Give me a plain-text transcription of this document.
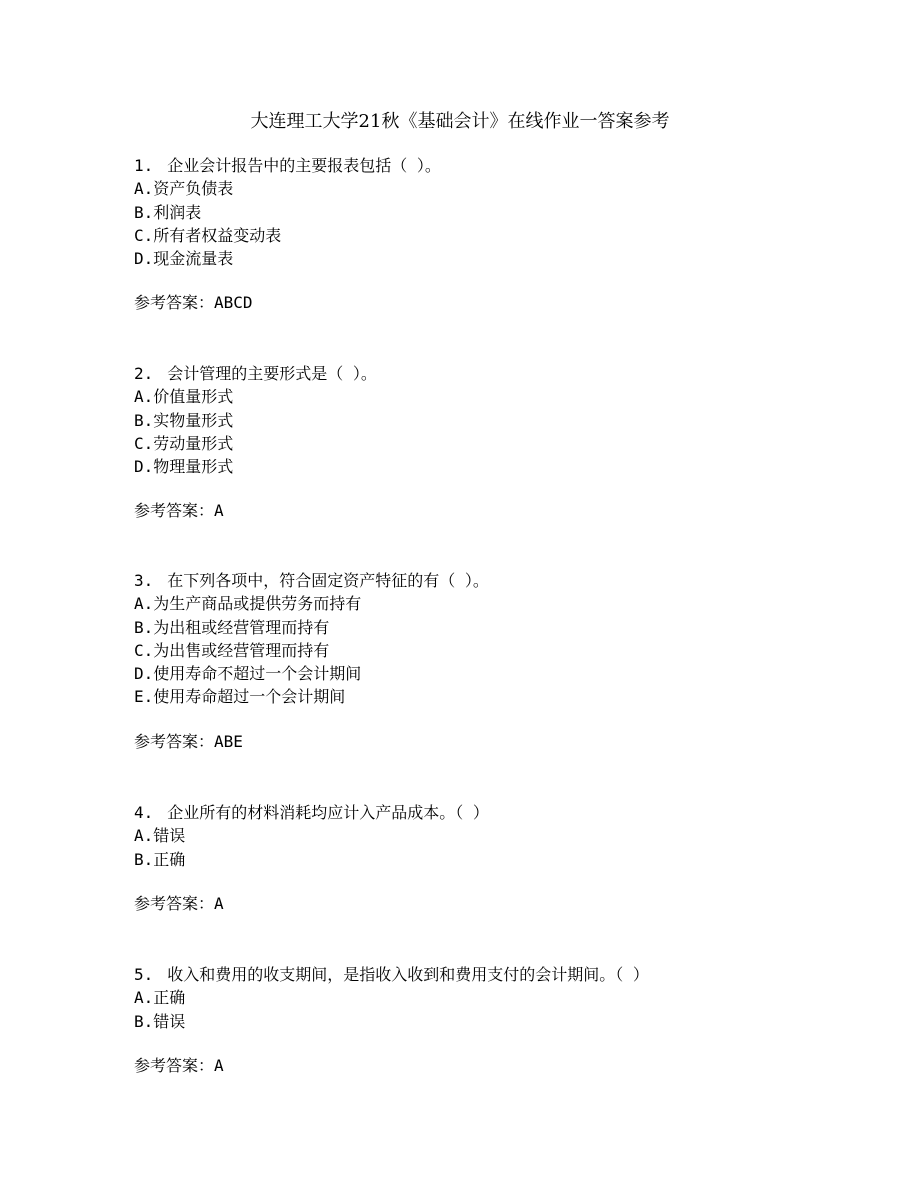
大连理工大学21秋《基础会计》在线作业一答案参考

1 . 企业会计报告中的主要报表包括（ ）。

A . 资产负债表
B . 利润表
C . 所有者权益变动表
D . 现金流量表
参考答案：ABCD

2 . 会计管理的主要形式是（ ）。

A . 价值量形式
B . 实物量形式
C . 劳动量形式
D . 物理量形式
参考答案：A

3 . 在下列各项中，符合固定资产特征的有（ ）。

A . 为生产商品或提供劳务而持有
B . 为出租或经营管理而持有
C . 为出售或经营管理而持有
D . 使用寿命不超过一个会计期间
E . 使用寿命超过一个会计期间
参考答案：ABE

4 . 企业所有的材料消耗均应计入产品成本。（ ）

A . 错误
B . 正确
参考答案：A

5 . 收入和费用的收支期间，是指收入收到和费用支付的会计期间。（ ）

A . 正确
B . 错误
参考答案：A
